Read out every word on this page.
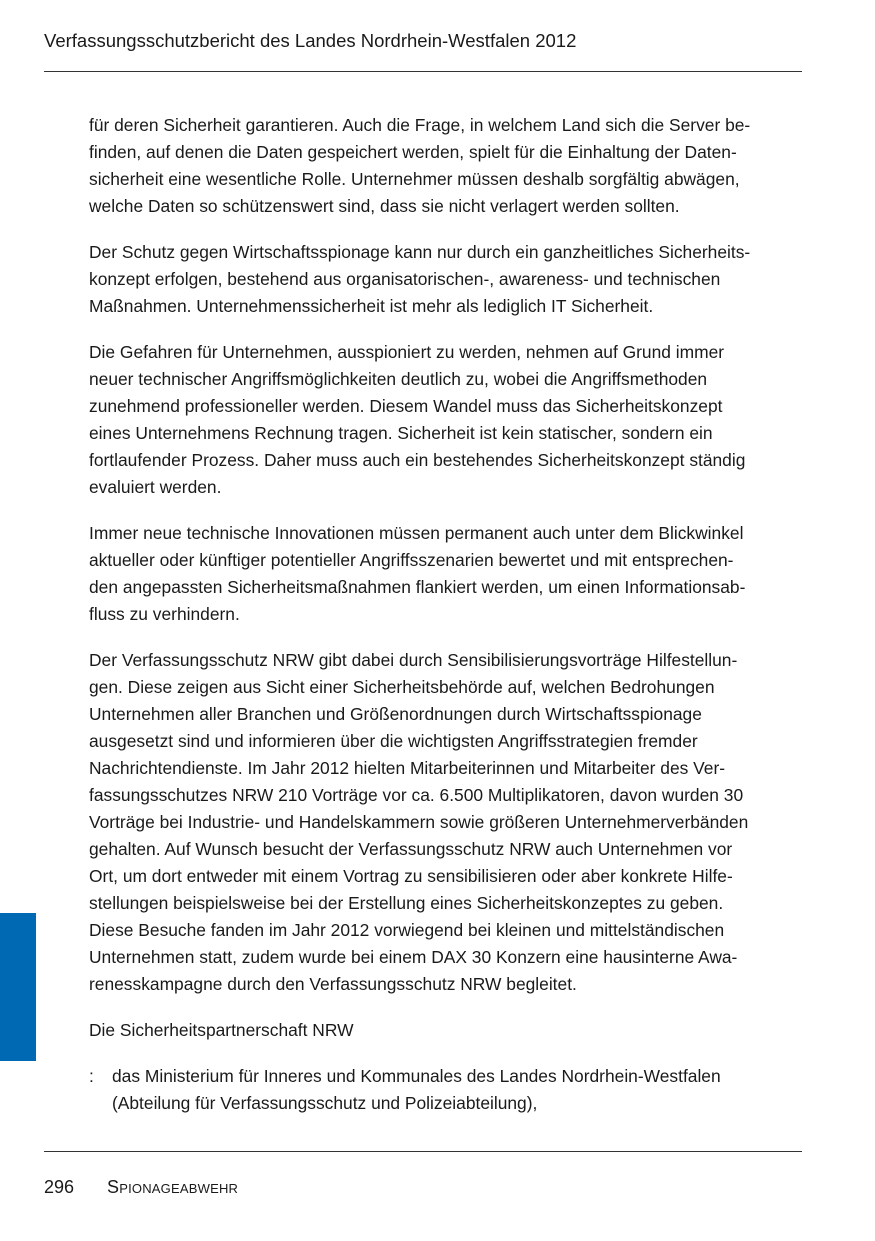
Verfassungsschutzbericht des Landes Nordrhein-Westfalen 2012

für deren Sicherheit garantieren. Auch die Frage, in welchem Land sich die Server be-
finden, auf denen die Daten gespeichert werden, spielt für die Einhaltung der Daten-
sicherheit eine wesentliche Rolle. Unternehmer müssen deshalb sorgfältig abwägen,
welche Daten so schützenswert sind, dass sie nicht verlagert werden sollten.

Der Schutz gegen Wirtschaftsspionage kann nur durch ein ganzheitliches Sicherheits-
konzept erfolgen, bestehend aus organisatorischen-, awareness- und technischen
Maßnahmen. Unternehmenssicherheit ist mehr als lediglich IT Sicherheit.

Die Gefahren für Unternehmen, ausspioniert zu werden, nehmen auf Grund immer
neuer technischer Angriffsmöglichkeiten deutlich zu, wobei die Angriffsmethoden
zunehmend professioneller werden. Diesem Wandel muss das Sicherheitskonzept
eines Unternehmens Rechnung tragen. Sicherheit ist kein statischer, sondern ein
fortlaufender Prozess. Daher muss auch ein bestehendes Sicherheitskonzept ständig
evaluiert werden.

Immer neue technische Innovationen müssen permanent auch unter dem Blickwinkel
aktueller oder künftiger potentieller Angriffsszenarien bewertet und mit entsprechen-
den angepassten Sicherheitsmaßnahmen flankiert werden, um einen Informationsab-
fluss zu verhindern.

Der Verfassungsschutz NRW gibt dabei durch Sensibilisierungsvorträge Hilfestellun-
gen. Diese zeigen aus Sicht einer Sicherheitsbehörde auf, welchen Bedrohungen
Unternehmen aller Branchen und Größenordnungen durch Wirtschaftsspionage
ausgesetzt sind und informieren über die wichtigsten Angriffsstrategien fremder
Nachrichtendienste. Im Jahr 2012 hielten Mitarbeiterinnen und Mitarbeiter des Ver-
fassungsschutzes NRW 210 Vorträge vor ca. 6.500 Multiplikatoren, davon wurden 30
Vorträge bei Industrie- und Handelskammern sowie größeren Unternehmerverbänden
gehalten. Auf Wunsch besucht der Verfassungsschutz NRW auch Unternehmen vor
Ort, um dort entweder mit einem Vortrag zu sensibilisieren oder aber konkrete Hilfe-
stellungen beispielsweise bei der Erstellung eines Sicherheitskonzeptes zu geben.
Diese Besuche fanden im Jahr 2012 vorwiegend bei kleinen und mittelständischen
Unternehmen statt, zudem wurde bei einem DAX 30 Konzern eine hausinterne Awa-
renesskampagne durch den Verfassungsschutz NRW begleitet.

Die Sicherheitspartnerschaft NRW

: das Ministerium für Inneres und Kommunales des Landes Nordrhein-Westfalen
(Abteilung für Verfassungsschutz und Polizeiabteilung),
296 Spionageabwehr
